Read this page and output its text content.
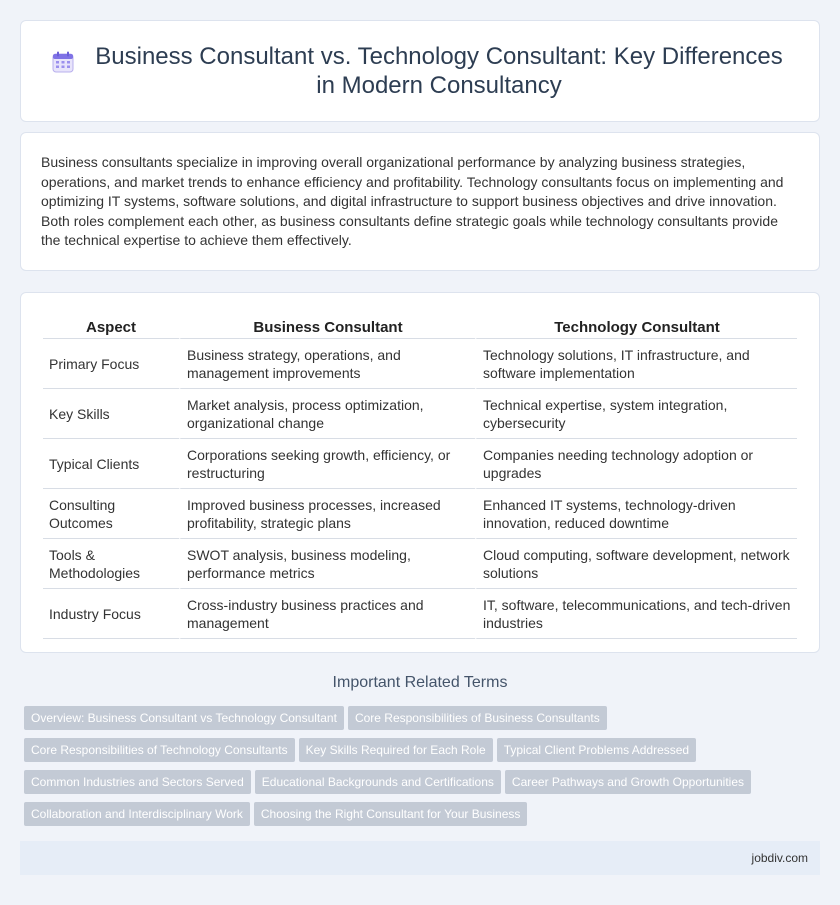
Business Consultant vs. Technology Consultant: Key Differences in Modern Consultancy

Business consultants specialize in improving overall organizational performance by analyzing business strategies, operations, and market trends to enhance efficiency and profitability. Technology consultants focus on implementing and optimizing IT systems, software solutions, and digital infrastructure to support business objectives and drive innovation. Both roles complement each other, as business consultants define strategic goals while technology consultants provide the technical expertise to achieve them effectively.

Aspect	Business Consultant	Technology Consultant
Primary Focus	Business strategy, operations, and management improvements	Technology solutions, IT infrastructure, and software implementation
Key Skills	Market analysis, process optimization, organizational change	Technical expertise, system integration, cybersecurity
Typical Clients	Corporations seeking growth, efficiency, or restructuring	Companies needing technology adoption or upgrades
Consulting Outcomes	Improved business processes, increased profitability, strategic plans	Enhanced IT systems, technology-driven innovation, reduced downtime
Tools & Methodologies	SWOT analysis, business modeling, performance metrics	Cloud computing, software development, network solutions
Industry Focus	Cross-industry business practices and management	IT, software, telecommunications, and tech-driven industries
Important Related Terms
Overview: Business Consultant vs Technology Consultant Core Responsibilities of Business Consultants
Core Responsibilities of Technology Consultants Key Skills Required for Each Role Typical Client Problems Addressed
Common Industries and Sectors Served Educational Backgrounds and Certifications Career Pathways and Growth Opportunities
Collaboration and Interdisciplinary Work Choosing the Right Consultant for Your Business
jobdiv.com
